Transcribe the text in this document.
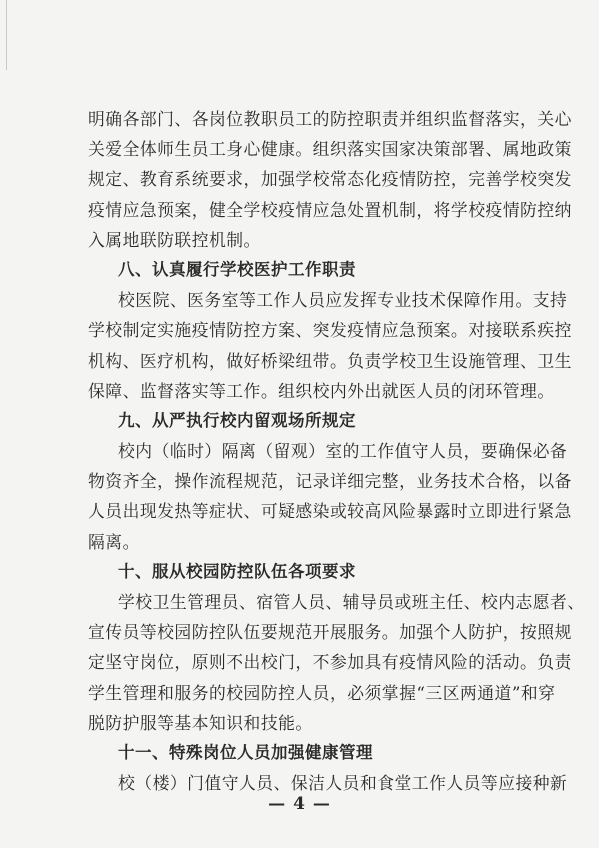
明确各部门、各岗位教职员工的防控职责并组织监督落实，关心
关爱全体师生员工身心健康。组织落实国家决策部署、属地政策
规定、教育系统要求，加强学校常态化疫情防控，完善学校突发
疫情应急预案，健全学校疫情应急处置机制，将学校疫情防控纳
入属地联防联控机制。
八、认真履行学校医护工作职责
校医院、医务室等工作人员应发挥专业技术保障作用。支持
学校制定实施疫情防控方案、突发疫情应急预案。对接联系疾控
机构、医疗机构，做好桥梁纽带。负责学校卫生设施管理、卫生
保障、监督落实等工作。组织校内外出就医人员的闭环管理。
九、从严执行校内留观场所规定
校内（临时）隔离（留观）室的工作值守人员，要确保必备
物资齐全，操作流程规范，记录详细完整，业务技术合格，以备
人员出现发热等症状、可疑感染或较高风险暴露时立即进行紧急
隔离。
十、服从校园防控队伍各项要求
学校卫生管理员、宿管人员、辅导员或班主任、校内志愿者、
宣传员等校园防控队伍要规范开展服务。加强个人防护，按照规
定坚守岗位，原则不出校门，不参加具有疫情风险的活动。负责
学生管理和服务的校园防控人员，必须掌握“三区两通道”和穿
脱防护服等基本知识和技能。
十一、特殊岗位人员加强健康管理
校（楼）门值守人员、保洁人员和食堂工作人员等应接种新
— 4 —
